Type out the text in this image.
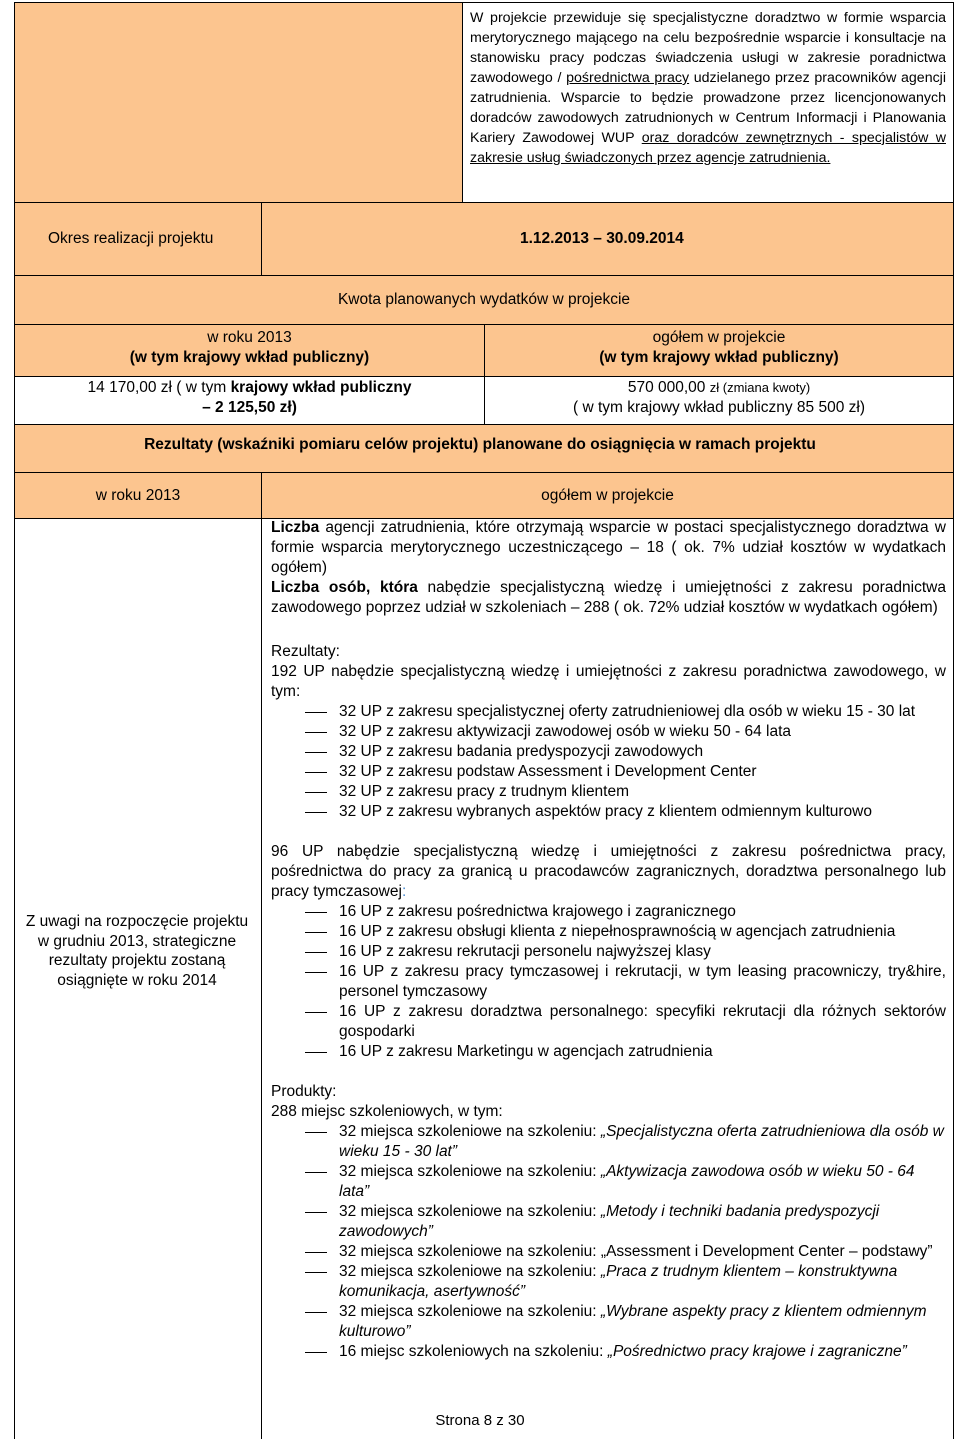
W projekcie przewiduje się specjalistyczne doradztwo w formie wsparcia merytorycznego mającego na celu bezpośrednie wsparcie i konsultacje na stanowisku pracy podczas świadczenia usługi w zakresie poradnictwa zawodowego / pośrednictwa pracy udzielanego przez pracowników agencji zatrudnienia. Wsparcie to będzie prowadzone przez licencjonowanych doradców zawodowych zatrudnionych w Centrum Informacji i Planowania Kariery Zawodowej WUP oraz doradców zewnętrznych - specjalistów w zakresie usług świadczonych przez agencje zatrudnienia.
Okres realizacji projektu	1.12.2013 – 30.09.2014
Kwota planowanych wydatków w projekcie
w roku 2013
(w tym krajowy wkład publiczny)
ogółem w projekcie
(w tym krajowy wkład publiczny)
14 170,00 zł ( w tym krajowy wkład publiczny
– 2 125,50 zł)
570 000,00 zł (zmiana kwoty)
( w tym krajowy wkład publiczny 85 500 zł)
Rezultaty (wskaźniki pomiaru celów projektu) planowane do osiągnięcia w ramach projektu
w roku 2013	ogółem w projekcie
Z uwagi na rozpoczęcie projektu w grudniu 2013, strategiczne rezultaty projektu zostaną osiągnięte w roku 2014

Liczba agencji zatrudnienia, które otrzymają wsparcie w postaci specjalistycznego doradztwa w formie wsparcia merytorycznego uczestniczącego – 18 ( ok. 7% udział kosztów w wydatkach ogółem)

Liczba osób, która nabędzie specjalistyczną wiedzę i umiejętności z zakresu poradnictwa zawodowego poprzez udział w szkoleniach – 288 ( ok. 72% udział kosztów w wydatkach ogółem)

Rezultaty:

192 UP nabędzie specjalistyczną wiedzę i umiejętności z zakresu poradnictwa zawodowego, w tym:

32 UP z zakresu specjalistycznej oferty zatrudnieniowej dla osób w wieku 15 - 30 lat
32 UP z zakresu aktywizacji zawodowej osób w wieku 50 - 64 lata
32 UP z zakresu badania predyspozycji zawodowych
32 UP z zakresu podstaw Assessment i Development Center
32 UP z zakresu pracy z trudnym klientem
32 UP z zakresu wybranych aspektów pracy z klientem odmiennym kulturowo

96 UP nabędzie specjalistyczną wiedzę i umiejętności z zakresu pośrednictwa pracy, pośrednictwa do pracy za granicą u pracodawców zagranicznych, doradztwa personalnego lub pracy tymczasowej:

16 UP z zakresu pośrednictwa krajowego i zagranicznego
16 UP z zakresu obsługi klienta z niepełnosprawnością w agencjach zatrudnienia
16 UP z zakresu rekrutacji personelu najwyższej klasy
16 UP z zakresu pracy tymczasowej i rekrutacji, w tym leasing pracowniczy, try&hire, personel tymczasowy
16 UP z zakresu doradztwa personalnego: specyfiki rekrutacji dla różnych sektorów gospodarki
16 UP z zakresu Marketingu w agencjach zatrudnienia

Produkty:

288 miejsc szkoleniowych, w tym:

32 miejsca szkoleniowe na szkoleniu: „Specjalistyczna oferta zatrudnieniowa dla osób w wieku 15 - 30 lat”
32 miejsca szkoleniowe na szkoleniu: „Aktywizacja zawodowa osób w wieku 50 - 64 lata”
32 miejsca szkoleniowe na szkoleniu: „Metody i techniki badania predyspozycji zawodowych”
32 miejsca szkoleniowe na szkoleniu: „Assessment i Development Center – podstawy”
32 miejsca szkoleniowe na szkoleniu: „Praca z trudnym klientem – konstruktywna komunikacja, asertywność”
32 miejsca szkoleniowe na szkoleniu: „Wybrane aspekty pracy z klientem odmiennym kulturowo”
16 miejsc szkoleniowych na szkoleniu: „Pośrednictwo pracy krajowe i zagraniczne”
Strona 8 z 30
